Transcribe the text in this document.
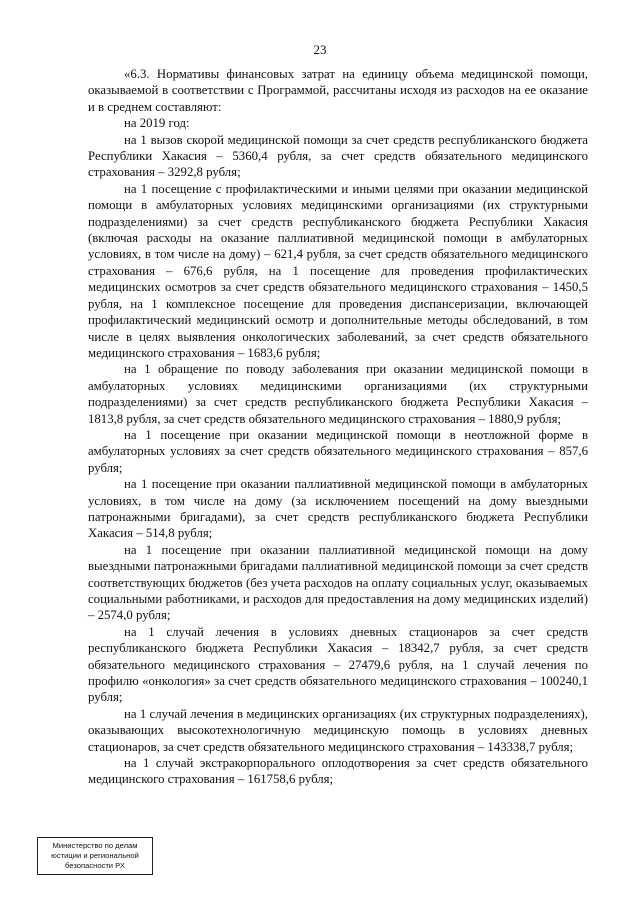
23

«6.3. Нормативы финансовых затрат на единицу объема медицинской помощи, оказываемой в соответствии с Программой, рассчитаны исходя из расходов на ее оказание и в среднем составляют:

на 2019 год:

на 1 вызов скорой медицинской помощи за счет средств республиканского бюджета Республики Хакасия – 5360,4 рубля, за счет средств обязательного медицинского страхования – 3292,8 рубля;

на 1 посещение с профилактическими и иными целями при оказании медицинской помощи в амбулаторных условиях медицинскими организациями (их структурными подразделениями) за счет средств республиканского бюджета Республики Хакасия (включая расходы на оказание паллиативной медицинской помощи в амбулаторных условиях, в том числе на дому) – 621,4 рубля, за счет средств обязательного медицинского страхования – 676,6 рубля, на 1 посещение для проведения профилактических медицинских осмотров за счет средств обязательного медицинского страхования – 1450,5 рубля, на 1 комплексное посещение для проведения диспансеризации, включающей профилактический медицинский осмотр и дополнительные методы обследований, в том числе в целях выявления онкологических заболеваний, за счет средств обязательного медицинского страхования – 1683,6 рубля;

на 1 обращение по поводу заболевания при оказании медицинской помощи в амбулаторных условиях медицинскими организациями (их структурными подразделениями) за счет средств республиканского бюджета Республики Хакасия – 1813,8 рубля, за счет средств обязательного медицинского страхования – 1880,9 рубля;

на 1 посещение при оказании медицинской помощи в неотложной форме в амбулаторных условиях за счет средств обязательного медицинского страхования – 857,6 рубля;

на 1 посещение при оказании паллиативной медицинской помощи в амбулаторных условиях, в том числе на дому (за исключением посещений на дому выездными патронажными бригадами), за счет средств республиканского бюджета Республики Хакасия – 514,8 рубля;

на 1 посещение при оказании паллиативной медицинской помощи на дому выездными патронажными бригадами паллиативной медицинской помощи за счет средств соответствующих бюджетов (без учета расходов на оплату социальных услуг, оказываемых социальными работниками, и расходов для предоставления на дому медицинских изделий) – 2574,0 рубля;

на 1 случай лечения в условиях дневных стационаров за счет средств республиканского бюджета Республики Хакасия – 18342,7 рубля, за счет средств обязательного медицинского страхования – 27479,6 рубля, на 1 случай лечения по профилю «онкология» за счет средств обязательного медицинского страхования – 100240,1 рубля;

на 1 случай лечения в медицинских организациях (их структурных подразделениях), оказывающих высокотехнологичную медицинскую помощь в условиях дневных стационаров, за счет средств обязательного медицинского страхования – 143338,7 рубля;

на 1 случай экстракорпорального оплодотворения за счет средств обязательного медицинского страхования – 161758,6 рубля;

Министерство по делам
юстиции и региональной
безопасности РХ
